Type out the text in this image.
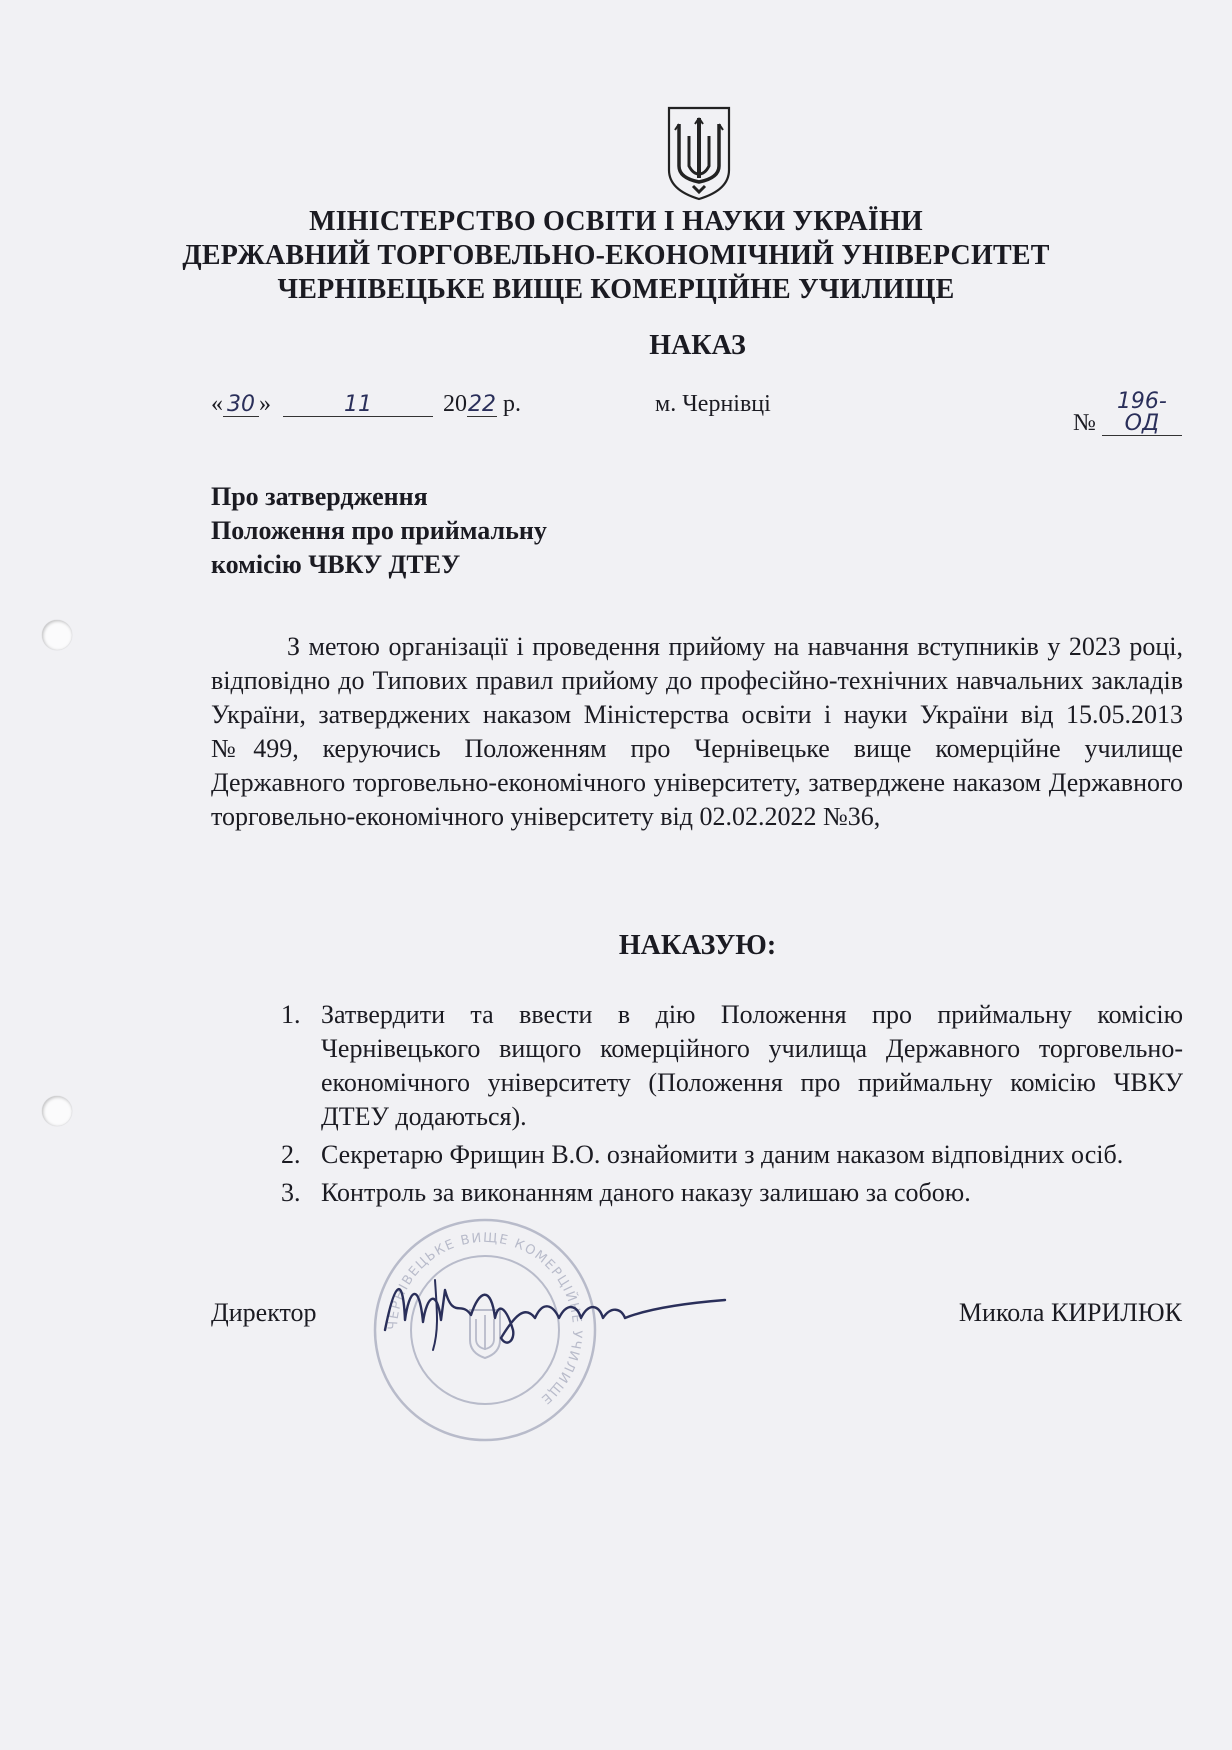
МІНІСТЕРСТВО ОСВІТИ І НАУКИ УКРАЇНИ
ДЕРЖАВНИЙ ТОРГОВЕЛЬНО-ЕКОНОМІЧНИЙ УНІВЕРСИТЕТ
ЧЕРНІВЕЦЬКЕ ВИЩЕ КОМЕРЦІЙНЕ УЧИЛИЩЕ
НАКАЗ
« 30 »	11	2022 р.	м. Чернівці
№ 196-ОД
Про затвердження
Положення про приймальну
комісію ЧВКУ ДТЕУ

З метою організації і проведення прийому на навчання вступників у 2023 році, відповідно до Типових правил прийому до професійно-технічних навчальних закладів України, затверджених наказом Міністерства освіти і науки України від 15.05.2013 №499, керуючись Положенням про Чернівецьке вище комерційне училище Державного торговельно-економічного університету, затверджене наказом Державного торговельно-економічного університету від 02.02.2022 №36,

НАКАЗУЮ:
1. Затвердити та ввести в дію Положення про приймальну комісію Чернівецького вищого комерційного училища Державного торговельно-економічного університету (Положення про приймальну комісію ЧВКУ ДТЕУ додаються).
2. Секретарю Фрищин В.О. ознайомити з даним наказом відповідних осіб.
3. Контроль за виконанням даного наказу залишаю за собою.
ЧЕРНІВЕЦЬКЕ ВИЩЕ КОМЕРЦІЙНЕ УЧИЛИЩЕ
Директор	Микола КИРИЛЮК
